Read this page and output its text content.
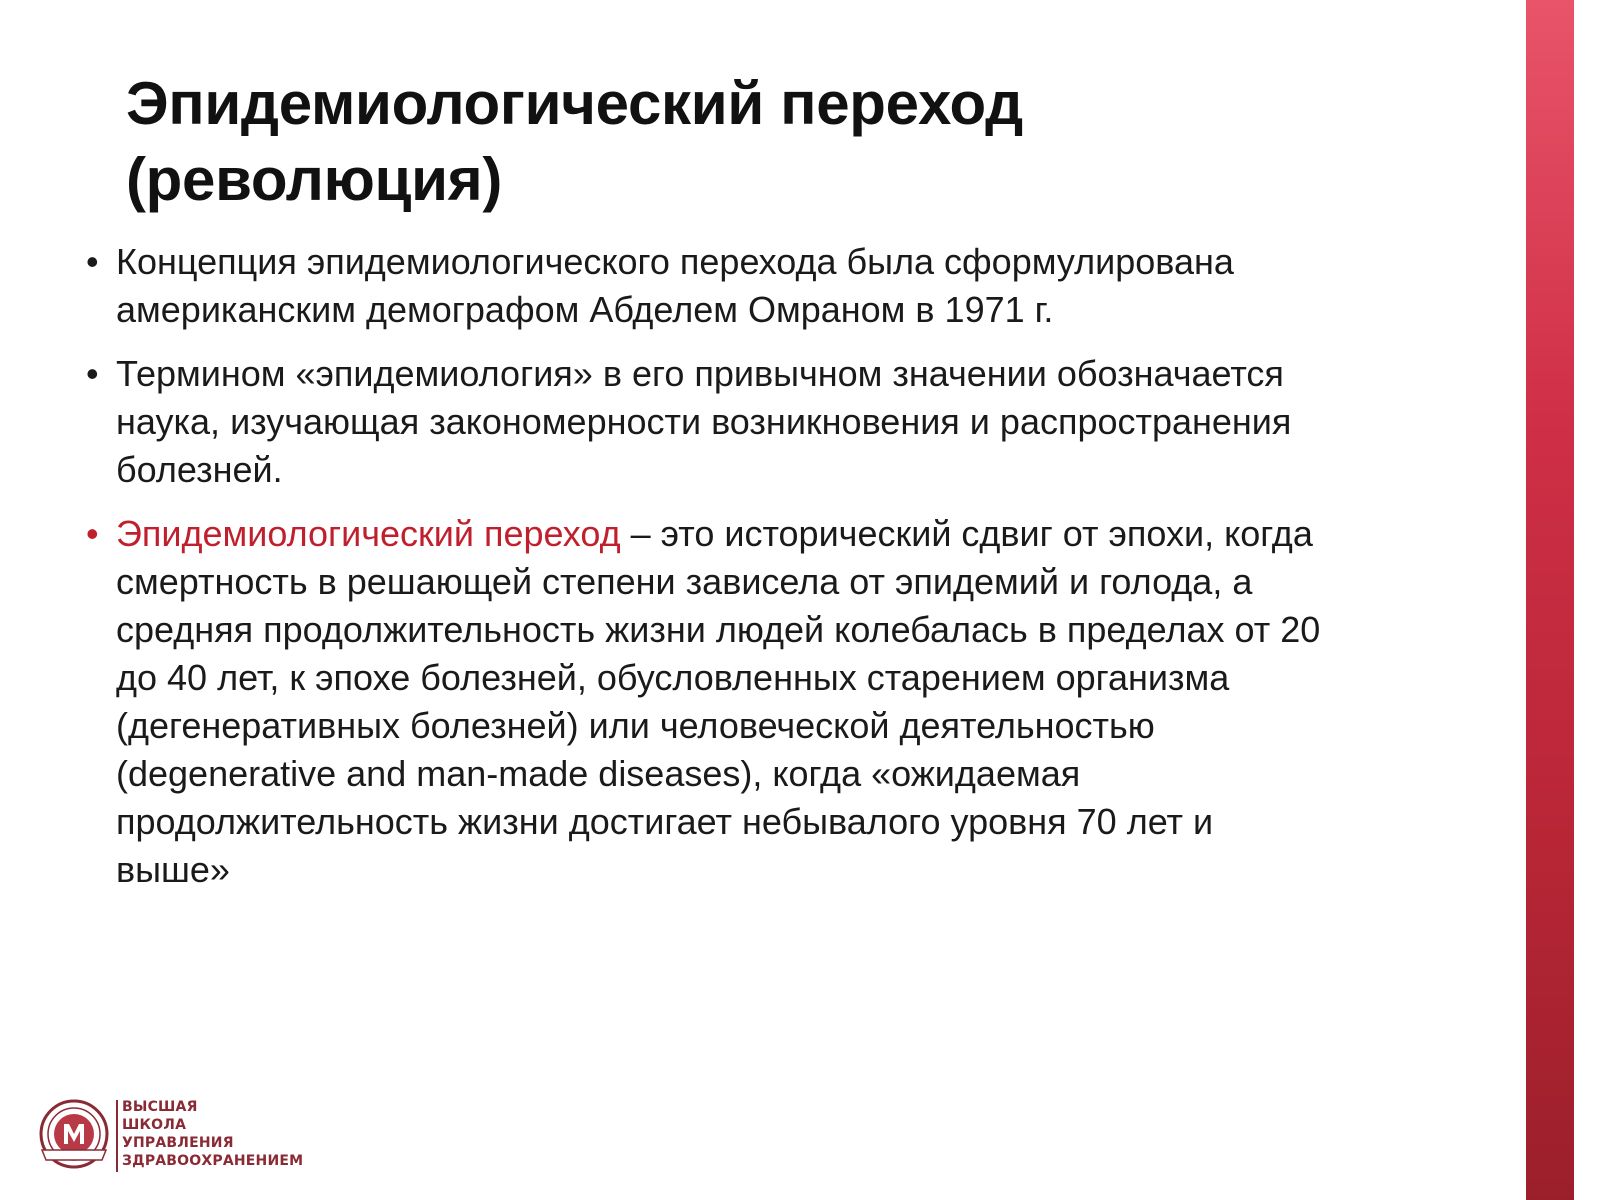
Эпидемиологический переход
(революция)
• Концепция эпидемиологического перехода была сформулирована
американским демографом Абделем Омраном в 1971 г.
• Термином «эпидемиология» в его привычном значении обозначается
наука, изучающая закономерности возникновения и распространения
болезней.
• Эпидемиологический переход – это исторический сдвиг от эпохи, когда
смертность в решающей степени зависела от эпидемий и голода, а
средняя продолжительность жизни людей колебалась в пределах от 20
до 40 лет, к эпохе болезней, обусловленных старением организма
(дегенеративных болезней) или человеческой деятельностью
(degenerative and man-made diseases), когда «ожидаемая
продолжительность жизни достигает небывалого уровня 70 лет и
выше»
ВЫСШАЯ
ШКОЛА
УПРАВЛЕНИЯ
ЗДРАВООХРАНЕНИЕМ
